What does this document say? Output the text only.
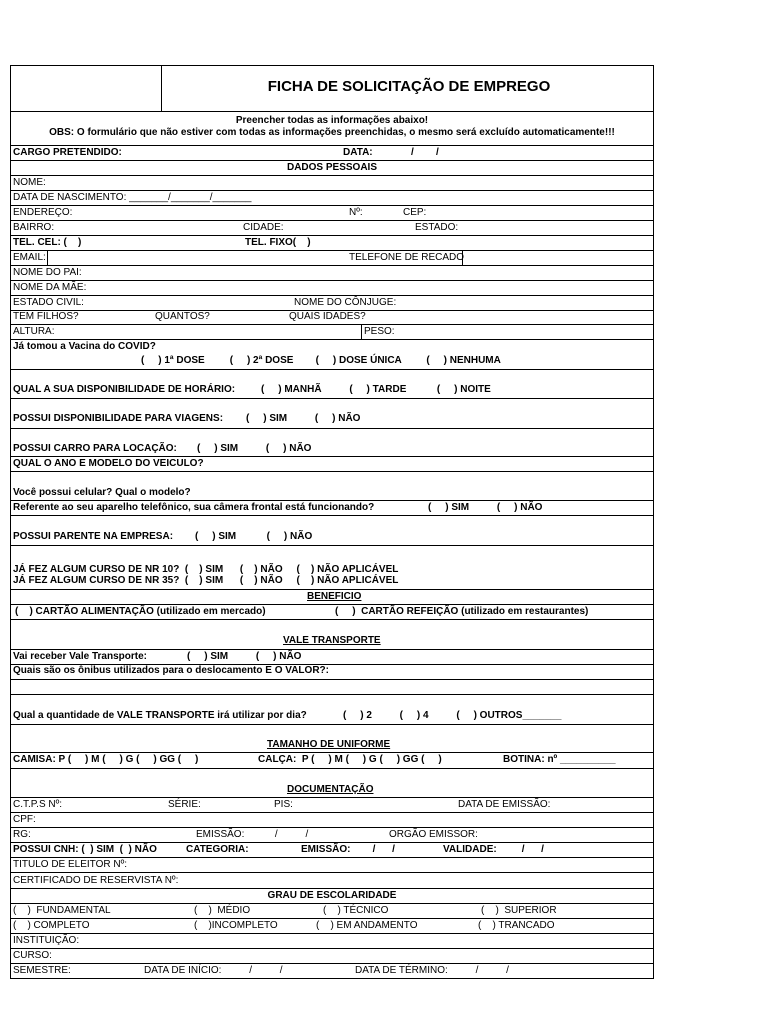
FICHA DE SOLICITAÇÃO DE EMPREGO
Preencher todas as informações abaixo!
OBS: O formulário que não estiver com todas as informações preenchidas, o mesmo será excluído automaticamente!!!
CARGO PRETENDIDO:	DATA:	/        /
DADOS PESSOAIS
NOME:
DATA DE NASCIMENTO: _______/_______/_______
ENDEREÇO:	Nº:	CEP:
BAIRRO:	CIDADE:	ESTADO:
TEL. CEL: (    )	TEL. FIXO(    )
EMAIL:	TELEFONE DE RECADO
NOME DO PAI:
NOME DA MÃE:
ESTADO CIVIL:	NOME DO CÔNJUGE:
TEM FILHOS?	QUANTOS?	QUAIS IDADES?
ALTURA:	PESO:
Já tomou a Vacina do COVID?
(     ) 1ª DOSE         (     ) 2ª DOSE        (     ) DOSE ÚNICA         (     ) NENHUMA
QUAL A SUA DISPONIBILIDADE DE HORÁRIO:	(     ) MANHÃ          (     ) TARDE           (     ) NOITE
POSSUI DISPONIBILIDADE PARA VIAGENS: (     ) SIM          (     ) NÃO
POSSUI CARRO PARA LOCAÇÃO: (     ) SIM          (     ) NÃO
QUAL O ANO E MODELO DO VEICULO?
Você possui celular? Qual o modelo?
Referente ao seu aparelho telefônico, sua câmera frontal está funcionando?	(     ) SIM          (     ) NÃO
POSSUI PARENTE NA EMPRESA: (     ) SIM           (     ) NÃO
JÁ FEZ ALGUM CURSO DE NR 10?  (    ) SIM      (    ) NÃO     (    ) NÃO APLICÁVEL
JÁ FEZ ALGUM CURSO DE NR 35?  (    ) SIM      (    ) NÃO     (    ) NÃO APLICÁVEL
BENEFICIO
(    ) CARTÃO ALIMENTAÇÃO (utilizado em mercado)	(     )  CARTÃO REFEIÇÃO (utilizado em restaurantes)
VALE TRANSPORTE
Vai receber Vale Transporte:	(     ) SIM          (     ) NÃO
Quais são os ônibus utilizados para o deslocamento E O VALOR?:
Qual a quantidade de VALE TRANSPORTE irá utilizar por dia?	(     ) 2          (     ) 4          (     ) OUTROS_______
TAMANHO DE UNIFORME
CAMISA: P (     ) M (     ) G (     ) GG (     )	CALÇA:  P (     ) M (     ) G (     ) GG (     )	BOTINA: nº __________
DOCUMENTAÇÃO
C.T.P.S Nº:	SÉRIE:	PIS:	DATA DE EMISSÃO:
CPF:
RG:	EMISSÃO:           /          /	ORGÃO EMISSOR:
POSSUI CNH: (  ) SIM  (  ) NÃO	CATEGORIA:	EMISSÃO:        /      /	VALIDADE:         /      /
TITULO DE ELEITOR Nº:
CERTIFICADO DE RESERVISTA Nº:
GRAU DE ESCOLARIDADE
(    )  FUNDAMENTAL	(    )  MÉDIO	(    ) TÉCNICO	(    )  SUPERIOR
(    ) COMPLETO	(    )INCOMPLETO	(    ) EM ANDAMENTO	(    ) TRANCADO
INSTITUIÇÃO:
CURSO:
SEMESTRE:	DATA DE INÍCIO:          /          /	DATA DE TÉRMINO:          /          /
